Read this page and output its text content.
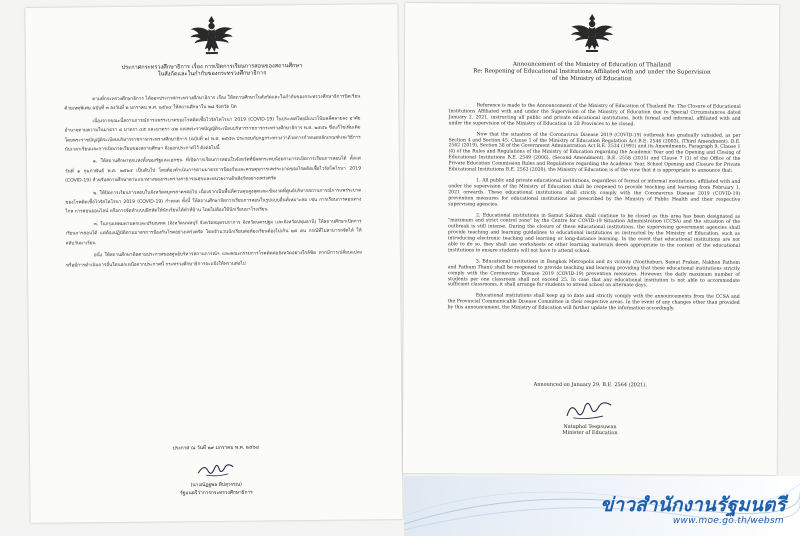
ประกาศกระทรวงศึกษาธิการ เรื่อง การเปิดการเรียนการสอนของสถานศึกษา
ในสังกัดและในกำกับของกระทรวงศึกษาธิการ

ตามที่กระทรวงศึกษาธิการ ได้ออกประกาศกระทรวงศึกษาธิการ เรื่อง ให้สถานศึกษาในสังกัดและในกำกับของกระทรวงศึกษาธิการปิดเรียนด้วยเหตุพิเศษ ฉบับที่ ๓ ลงวันที่ ๒ มกราคม พ.ศ. ๒๕๖๔ ให้สถานศึกษาใน ๒๘ จังหวัด ปิด

เนื่องจากขณะนี้สถานการณ์การแพร่ระบาดของโรคติดเชื้อไวรัสโคโรนา 2019 (COVID-19) ในประเทศไทยมีแนวโน้มคลี่คลายลง อาศัยอำนาจตามความในมาตรา ๔ มาตรา ๔๕ และมาตรา ๔๗ แห่งพระราชบัญญัติระเบียบบริหารราชการกระทรวงศึกษาธิการ พ.ศ. ๒๕๔๖ ซึ่งแก้ไขเพิ่มเติมโดยพระราชบัญญัติระเบียบบริหารราชการกระทรวงศึกษาธิการ (ฉบับที่ ๒) พ.ศ. ๒๕๕๓ ประกอบกับกฎกระทรวงว่าด้วยการกำหนดหลักเกณฑ์และวิธีการนับเวลาเรียนและการเปิดภาคเรียนของสถานศึกษา จึงออกประกาศไว้ ดังต่อไปนี้

๑. ให้สถานศึกษาทุกแห่งทั้งของรัฐและเอกชน ที่เปิดการเรียนการสอนในจังหวัดที่มีผลกระทบน้อยสามารถเปิดการเรียนการสอนได้ ตั้งแต่วันที่ ๑ กุมภาพันธ์ พ.ศ. ๒๕๖๔ เป็นต้นไป โดยต้องดำเนินการตามมาตรการป้องกันและควบคุมการแพร่ระบาดของโรคติดเชื้อไวรัสโคโรนา 2019 (COVID-19) สำหรับสถานศึกษาตามแนวทางของกระทรวงสาธารณสุขและหน่วยงานต้นสังกัดอย่างเคร่งครัด

๒. ให้ปิดการเรียนการสอนในจังหวัดสมุทรสาครต่อไป เนื่องจากเป็นพื้นที่ควบคุมสูงสุดและเข้มงวดที่ศูนย์บริหารสถานการณ์การแพร่ระบาดของโรคติดเชื้อไวรัสโคโรนา 2019 (COVID-19) กำหนด ทั้งนี้ ให้สถานศึกษาจัดการเรียนการสอนในรูปแบบอื่นที่เหมาะสม เช่น การเรียนการสอนทางไกล การสอนออนไลน์ หรือการจัดทำแบบฝึกหัดให้นักเรียนได้ทำที่บ้าน โดยไม่ต้องให้นักเรียนมาโรงเรียน

๓. ในกรุงเทพมหานครและปริมณฑล (จังหวัดนนทบุรี จังหวัดสมุทรปราการ จังหวัดนครปฐม และจังหวัดปทุมธานี) ให้สถานศึกษาเปิดการเรียนการสอนได้ แต่ต้องปฏิบัติตามมาตรการป้องกันโรคอย่างเคร่งครัด โดยจำนวนนักเรียนต่อห้องเรียนต้องไม่เกิน ๒๕ คน กรณีที่ไม่สามารถจัดได้ ให้สลับวันมาเรียน

อนึ่ง ให้สถานศึกษาติดตามประกาศของศูนย์บริหารสถานการณ์ฯ และคณะกรรมการโรคติดต่อจังหวัดอย่างใกล้ชิด หากมีการเปลี่ยนแปลงหรือมีการดำเนินการอื่นใดนอกเหนือจากประกาศนี้ กระทรวงศึกษาธิการจะแจ้งให้ทราบต่อไป

ประกาศ ณ วันที่ ๒๙ มกราคม พ.ศ. ๒๕๖๔
(นางณัฏฐพล ทีปสุวรรณ)
รัฐมนตรีว่าการกระทรวงศึกษาธิการ
Announcement of the Ministry of Education of Thailand
Re: Reopening of Educational Institutions Affiliated with and under the Supervision
of the Ministry of Education

Reference is made to the Announcement of the Ministry of Education of Thailand Re: The Closure of Educational Institutions Affiliated with and under the Supervision of the Ministry of Education due to Special Circumstances dated January 2, 2021, instructing all public and private educational institutions, both formal and informal, affiliated with and under the supervision of the Ministry of Education in 28 Provinces to be closed.

Now that the situation of the Coronavirus Disease 2019 (COVID-19) outbreak has gradually subsided, as per Section 4 and Section 45, Clause 1 of the Ministry of Education Regulation Act B.E. 2546 (2003), (Third Amendment), B.E. 2562 (2019), Section 38 of the Government Administration Act B.E. 2534 (1991) and its Amendments, Paragraph 9, Clause 1 (4) of the Rules and Regulations of the Ministry of Education regarding the Academic Year and the Opening and Closing of Educational Institutions B.E. 2549 (2006), (Second Amendment), B.E. 2558 (2015) and Clause 7 (3) of the Office of the Private Education Commission Rules and Regulations regarding the Academic Year, School Opening and Closure for Private Educational Institutions B.E. 2563 (2020), the Ministry of Education is of the view that it is appropriate to announce that:

1. All public and private educational institutions, regardless of formal or informal institutions, affiliated with and under the supervision of the Ministry of Education shall be reopened to provide teaching and learning from February 1, 2021 onwards. These educational institutions shall strictly comply with the Coronavirus Disease 2019 (COVID-19) prevention measures for educational institutions as prescribed by the Ministry of Public Health and their respective supervising agencies.

2. Educational institutions in Samut Sakhon shall continue to be closed as this area has been designated as "maximum and strict control zone" by the Centre for COVID-19 Situation Administration (CCSA) and the situation of the outbreak is still intense. During the closure of these educational institutions, the supervising government agencies shall provide teaching and learning guidelines to educational institutions as instructed by the Ministry of Education, such as introducing electronic teaching and learning or long-distance learning. In the event that educational institutions are not able to do so, they shall use worksheets or other learning materials deem appropriate to the content of the educational institutions to ensure students will not have to attend school.

3. Educational institutions in Bangkok Metropolis and its vicinity (Nonthaburi, Samut Prakan, Nakhon Pathom and Pathum Thani) shall be reopened to provide teaching and learning providing that these educational institutions strictly comply with the Coronavirus Disease 2019 (COVID-19) prevention measures. However, the daily maximum number of students per one classroom shall not exceed 25. In case that any educational institution is not able to accommodate sufficient classrooms, it shall arrange for students to attend school on alternate days.

Educational institutions shall keep up to date and strictly comply with the announcements from the CCSA and the Provincial Communicable Disease Committee in their respective areas. In the event of any changes other than provided by this announcement, the Ministry of Education will further update the information accordingly.

Announced on January 29, B.E. 2564 (2021).
Nataphol Teepsuwan
Minister of Education
ข่าวสำนักงานรัฐมนตรี
www.moe.go.th/websm
